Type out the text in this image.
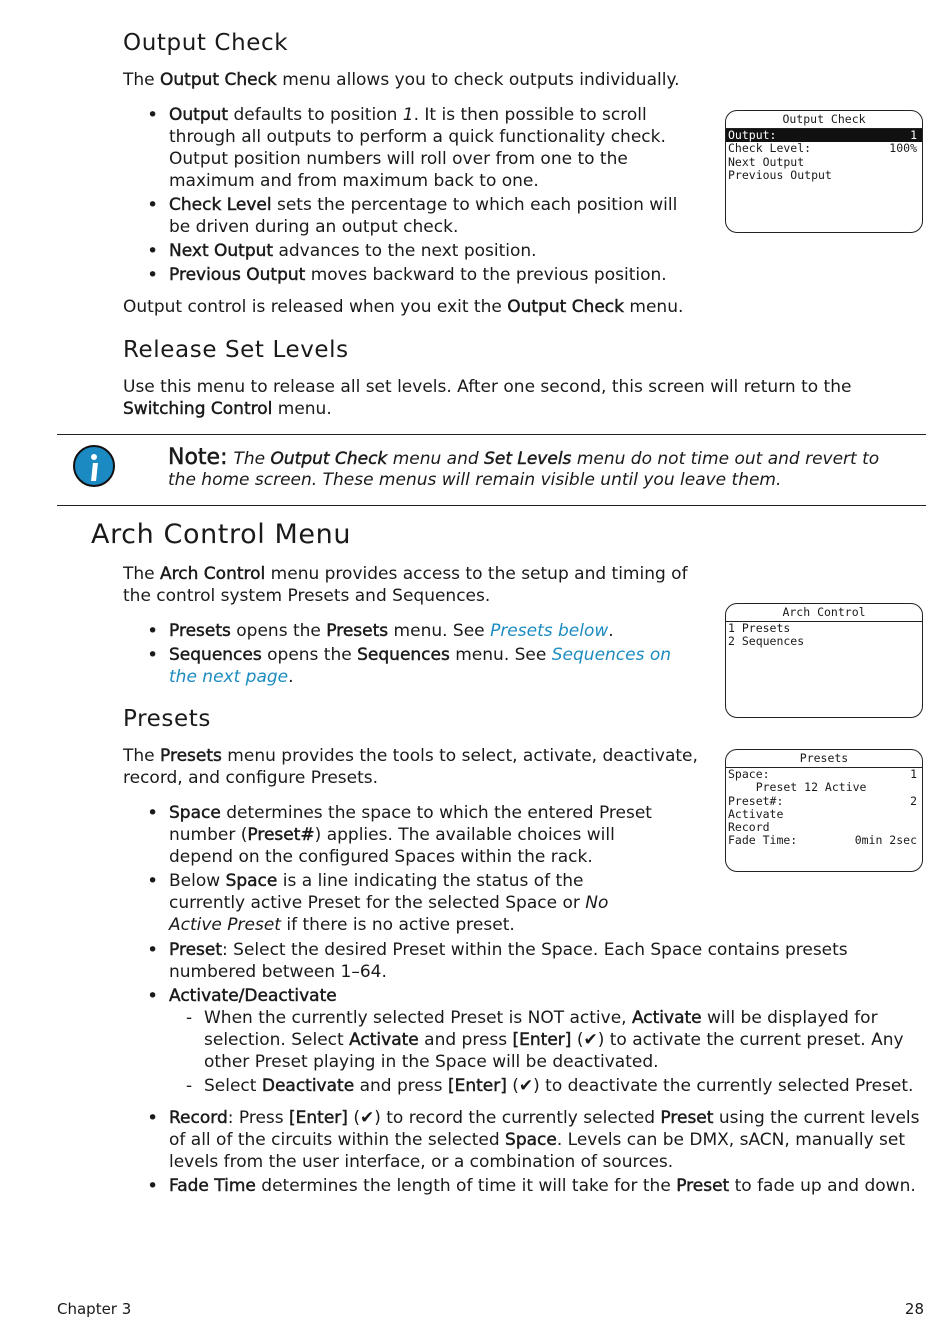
Output Check

The Output Check menu allows you to check outputs individually.

• Output defaults to position 1. It is then possible to scroll through all outputs to perform a quick functionality check. Output position numbers will roll over from one to the maximum and from maximum back to one.
• Check Level sets the percentage to which each position will be driven during an output check.
• Next Output advances to the next position.
• Previous Output moves backward to the previous position.

Output control is released when you exit the Output Check menu.

Output Check
Output:	1
Check Level:	100%
Next Output
Previous Output
Release Set Levels

Use this menu to release all set levels. After one second, this screen will return to the Switching Control menu.

Note: The Output Check menu and Set Levels menu do not time out and revert to the home screen. These menus will remain visible until you leave them.
Arch Control Menu

The Arch Control menu provides access to the setup and timing of the control system Presets and Sequences.

• Presets opens the Presets menu. See Presets below.
• Sequences opens the Sequences menu. See Sequences on the next page.
Arch Control
1 Presets
2 Sequences
Presets

The Presets menu provides the tools to select, activate, deactivate, record, and configure Presets.

• Space determines the space to which the entered Preset number (Preset#) applies. The available choices will depend on the configured Spaces within the rack.
• Below Space is a line indicating the status of the currently active Preset for the selected Space or No Active Preset if there is no active preset.
• Preset: Select the desired Preset within the Space. Each Space contains presets numbered between 1–64.
• Activate/Deactivate
- When the currently selected Preset is NOT active, Activate will be displayed for selection. Select Activate and press [Enter] (✔) to activate the current preset. Any other Preset playing in the Space will be deactivated.
- Select Deactivate and press [Enter] (✔) to deactivate the currently selected Preset.
• Record: Press [Enter] (✔) to record the currently selected Preset using the current levels of all of the circuits within the selected Space. Levels can be DMX, sACN, manually set levels from the user interface, or a combination of sources.
• Fade Time determines the length of time it will take for the Preset to fade up and down.
Presets
Space:	1
Preset 12 Active
Preset#:	2
Activate
Record
Fade Time:	0min 2sec
Chapter 3	28
